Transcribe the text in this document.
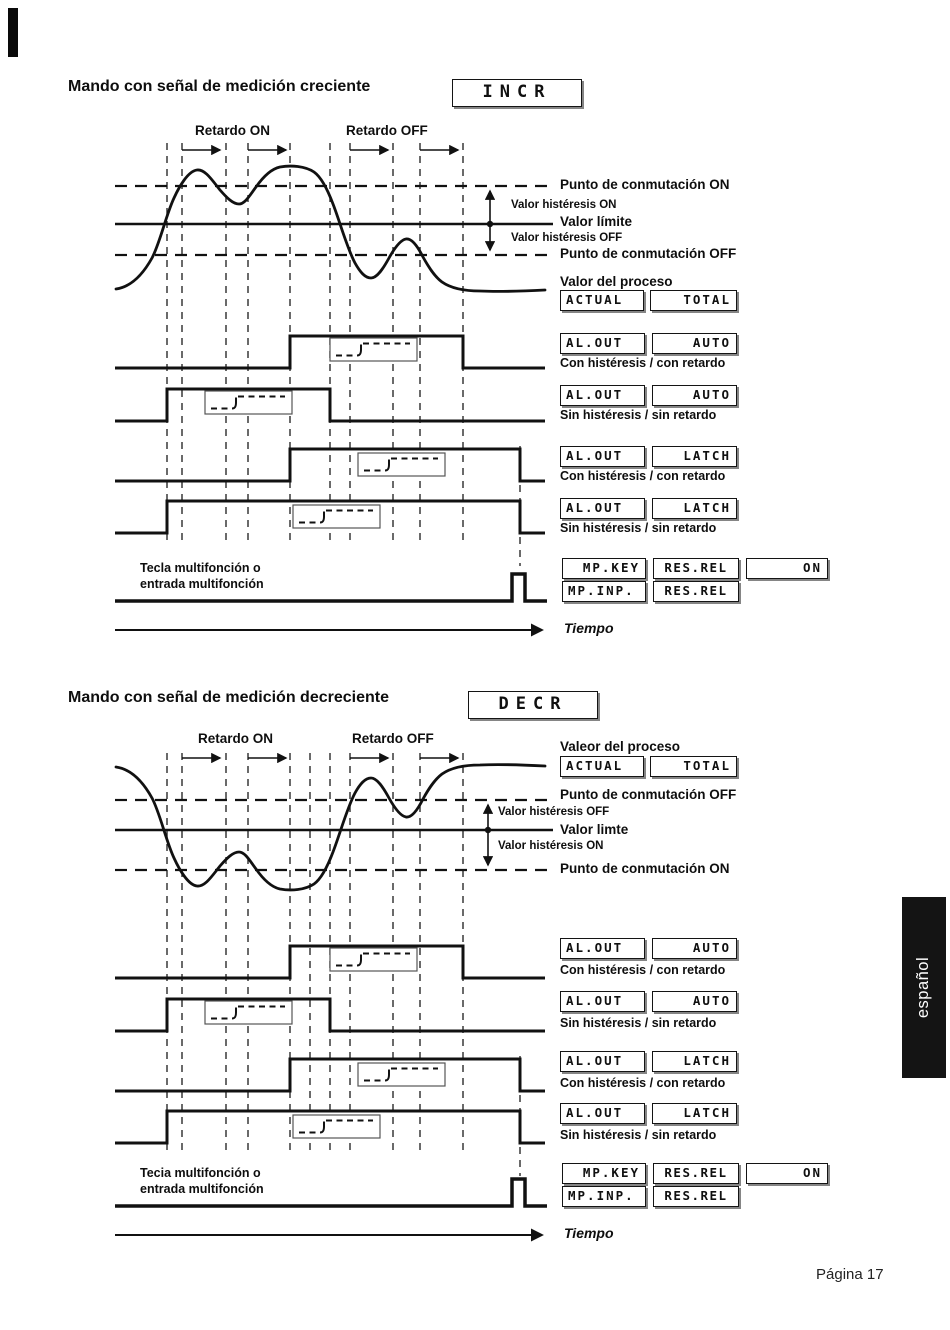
Mando con señal de medición creciente	INCR
Retardo ON	Retardo OFF
Punto de conmutación ON
Valor histéresis ON
Valor límite
Valor histéresis OFF
Punto de conmutación OFF
Valor del proceso
ACTUAL	TOTAL
AL.OUT	AUTO
Con histéresis / con retardo
AL.OUT	AUTO
Sin histéresis / sin retardo
AL.OUT	LATCH
Con histéresis / con retardo
AL.OUT	LATCH
Sin histéresis / sin retardo
Tecla multifonción o
entrada multifonción
MP.KEY	RES.REL	ON
MP.INP.	RES.REL
Tiempo
Mando con señal de medición decreciente	DECR
Retardo ON	Retardo OFF
Valeor del proceso
ACTUAL	TOTAL
Punto de conmutación OFF
Valor histéresis OFF
Valor limte
Valor histéresis ON
Punto de conmutación ON
AL.OUT	AUTO
Con histéresis / con retardo
AL.OUT	AUTO
Sin histéresis / sin retardo
AL.OUT	LATCH
Con histéresis / con retardo
AL.OUT	LATCH
Sin histéresis / sin retardo
Tecia multifonción o
entrada multifonción
MP.KEY	RES.REL	ON
MP.INP.	RES.REL
Tiempo
español
Página 17
